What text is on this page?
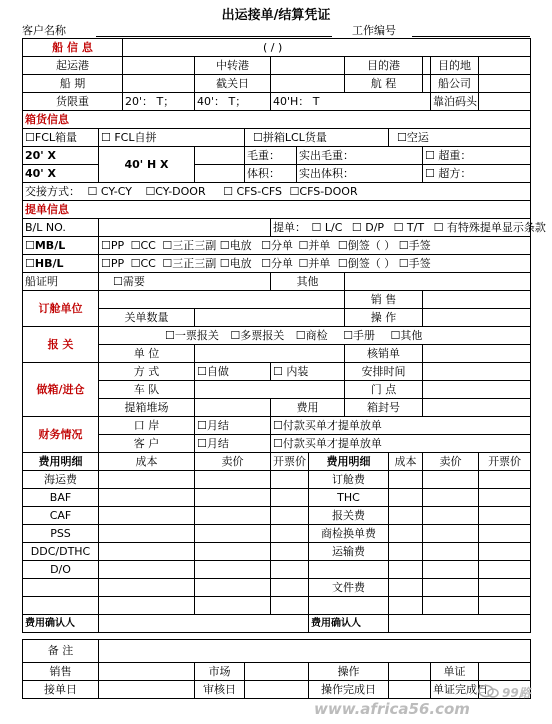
出运接单/结算凭证
客户名称	工作编号
船 信 息		( / )										
起运港			中转港					目的港			目的地	
船 期			截关日					航 程			船公司	
货限重		20'： T；	40'： T；		40'H： T						靠泊码头	
箱货信息												
☐FCL箱量	☐ FCL自拼			☐拼箱LCL货量					☐空运			
20' X	40' H X			毛重：		实出毛重：				☐ 超重：		
40' X				体积：		实出体积：				☐ 超方：		
交接方式： ☐ CY-CY ☐CY-DOOR ☐ CFS-CFS ☐CFS-DOOR												
提单信息												
B/L NO.					提单： ☐ L/C ☐ D/P ☐ T/T ☐ 有特殊提单显示条款							
☐MB/L	☐PP ☐CC ☐三正三副 ☐电放 ☐分单 ☐并单 ☐倒签（ ） ☐手签											
☐HB/L	☐PP ☐CC ☐三正三副 ☐电放 ☐分单 ☐并单 ☐倒签（ ） ☐手签											
船证明	☐需要				其他							
订舱单位								销 售				
	关单数量							操 作				
报 关	☐一票报关 ☐多票报关 ☐商检 ☐手册 ☐其他											
	单 位							核销单				
做箱/进仓	方 式		☐自做		☐ 内装			安排时间				
	车 队							门 点				
	提箱堆场				费用			箱封号				
财务情况	口 岸		☐月结		☐付款买单才提单放单							
	客 户		☐月结		☐付款买单才提单放单							
费用明细	成本		卖价		开票价		费用明细		成本	卖价		开票价
海运费							订舱费					
BAF							THC					
CAF							报关费					
PSS							商检换单费					
DDC/DTHC							运输费					
D/O												
							文件费					

费用确认人							费用确认人					

备 注												
销售			市场				操作				单证	
接单日			审核日				操作完成日				单证完成日	99路
www.africa56.com
